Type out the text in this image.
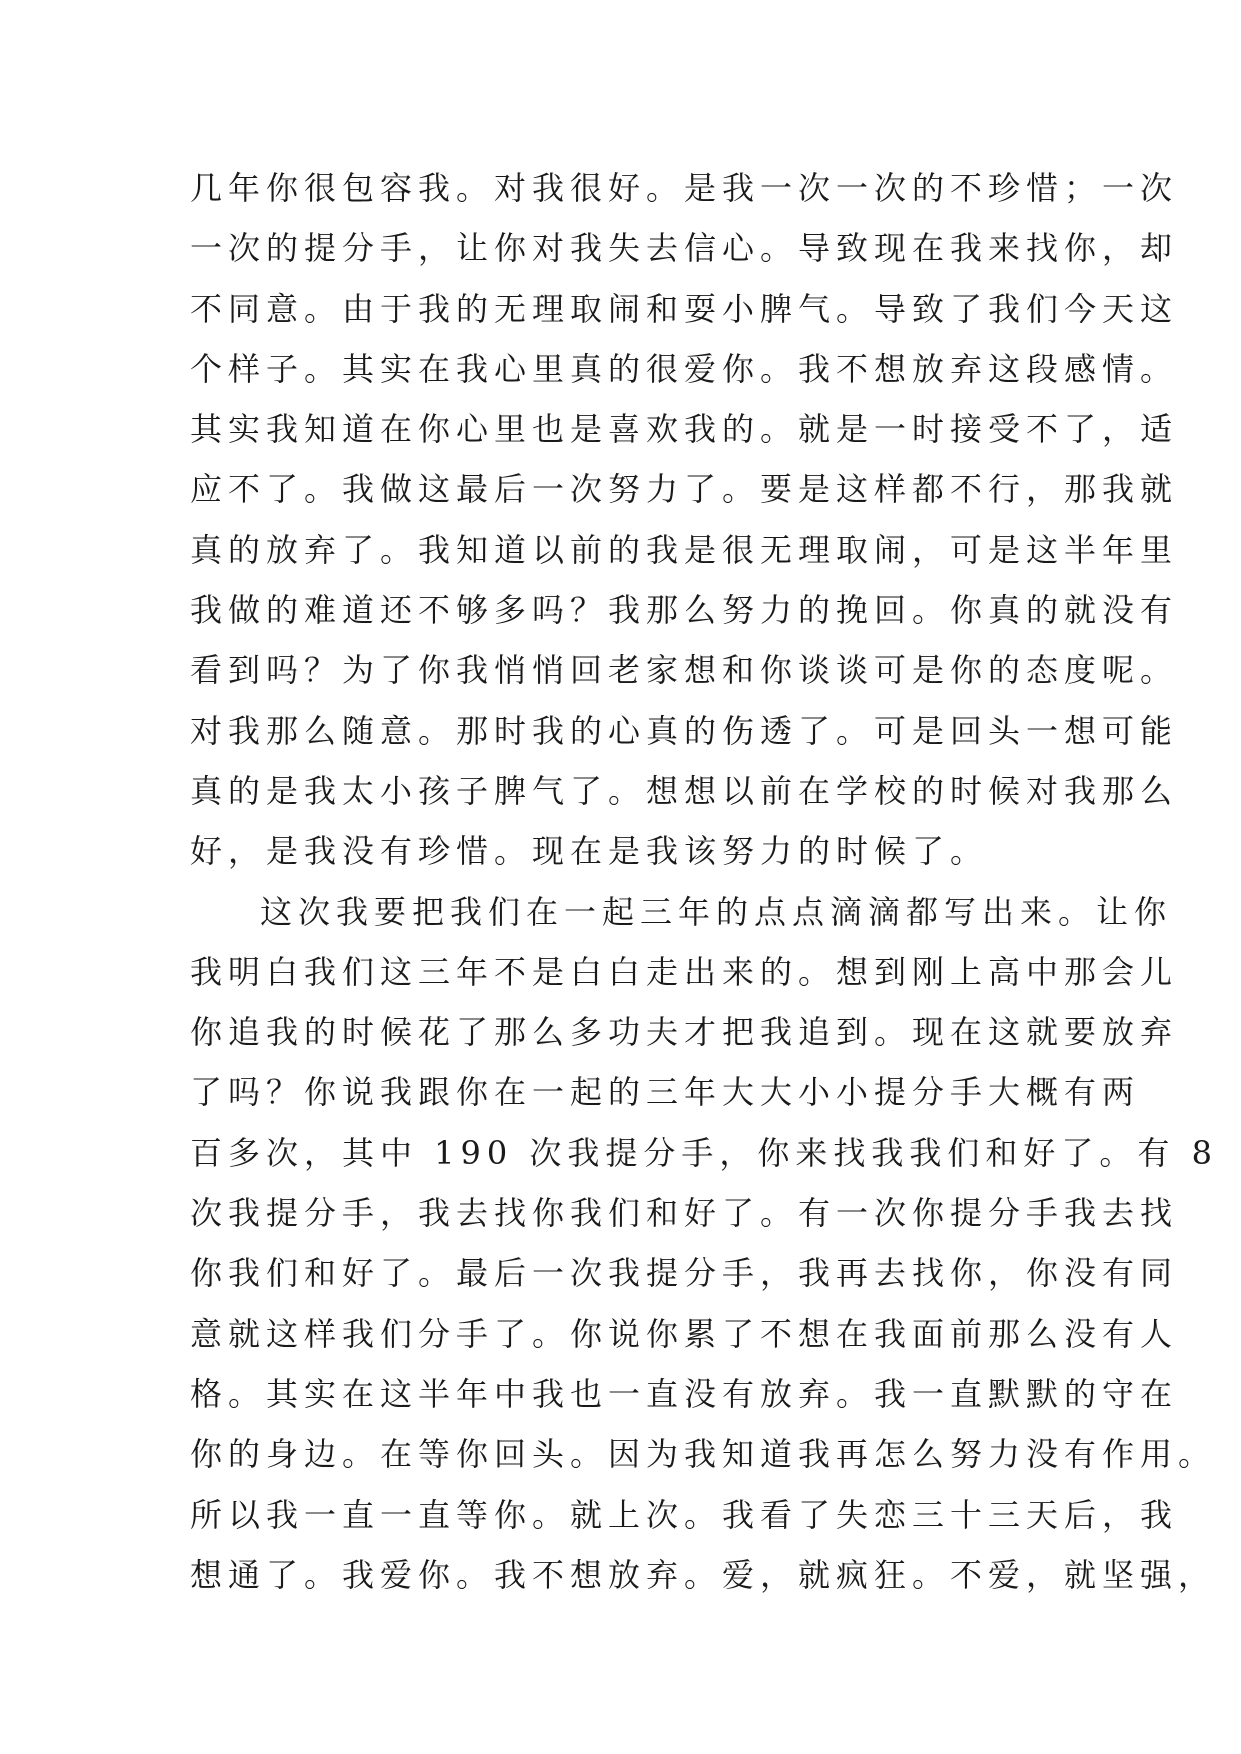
几年你很包容我。对我很好。是我一次一次的不珍惜；一次
一次的提分手，让你对我失去信心。导致现在我来找你，却
不同意。由于我的无理取闹和耍小脾气。导致了我们今天这
个样子。其实在我心里真的很爱你。我不想放弃这段感情。
其实我知道在你心里也是喜欢我的。就是一时接受不了，适
应不了。我做这最后一次努力了。要是这样都不行，那我就
真的放弃了。我知道以前的我是很无理取闹，可是这半年里
我做的难道还不够多吗？我那么努力的挽回。你真的就没有
看到吗？为了你我悄悄回老家想和你谈谈可是你的态度呢。
对我那么随意。那时我的心真的伤透了。可是回头一想可能
真的是我太小孩子脾气了。想想以前在学校的时候对我那么
好，是我没有珍惜。现在是我该努力的时候了。
这次我要把我们在一起三年的点点滴滴都写出来。让你
我明白我们这三年不是白白走出来的。想到刚上高中那会儿
你追我的时候花了那么多功夫才把我追到。现在这就要放弃
了吗？你说我跟你在一起的三年大大小小提分手大概有两
百多次，其中 190 次我提分手，你来找我我们和好了。有 8
次我提分手，我去找你我们和好了。有一次你提分手我去找
你我们和好了。最后一次我提分手，我再去找你，你没有同
意就这样我们分手了。你说你累了不想在我面前那么没有人
格。其实在这半年中我也一直没有放弃。我一直默默的守在
你的身边。在等你回头。因为我知道我再怎么努力没有作用。
所以我一直一直等你。就上次。我看了失恋三十三天后，我
想通了。我爱你。我不想放弃。爱，就疯狂。不爱，就坚强，
